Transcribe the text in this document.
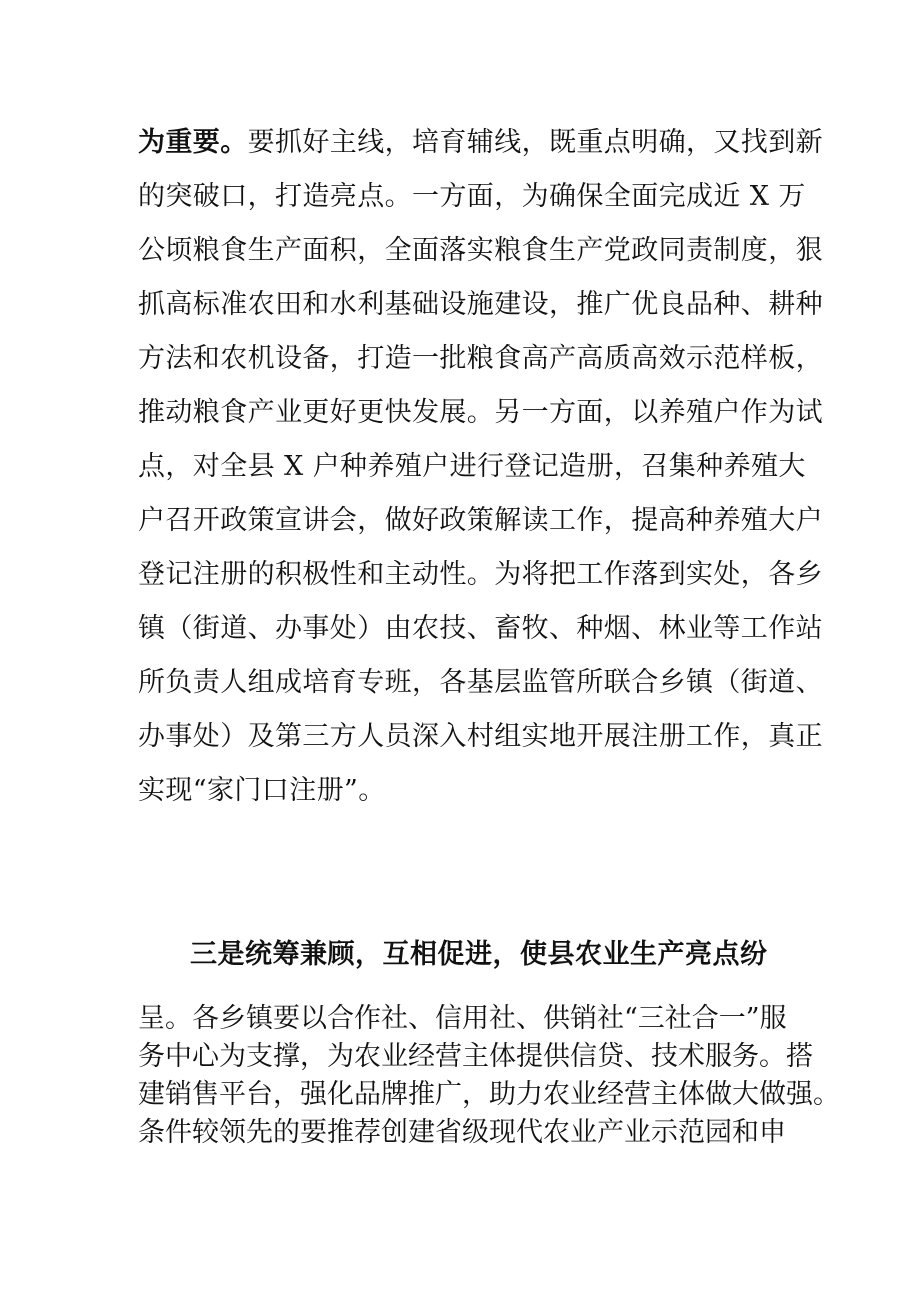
为重要。要抓好主线，培育辅线，既重点明确，又找到新
的突破口，打造亮点。一方面，为确保全面完成近 X 万
公顷粮食生产面积，全面落实粮食生产党政同责制度，狠
抓高标准农田和水利基础设施建设，推广优良品种、耕种
方法和农机设备，打造一批粮食高产高质高效示范样板，
推动粮食产业更好更快发展。另一方面，以养殖户作为试
点，对全县 X 户种养殖户进行登记造册，召集种养殖大
户召开政策宣讲会，做好政策解读工作，提高种养殖大户
登记注册的积极性和主动性。为将把工作落到实处，各乡
镇（街道、办事处）由农技、畜牧、种烟、林业等工作站
所负责人组成培育专班，各基层监管所联合乡镇（街道、
办事处）及第三方人员深入村组实地开展注册工作，真正
实现“家门口注册”。
三是统筹兼顾，互相促进，使县农业生产亮点纷
呈。各乡镇要以合作社、信用社、供销社“三社合一”服
务中心为支撑，为农业经营主体提供信贷、技术服务。搭
建销售平台，强化品牌推广，助力农业经营主体做大做强。
条件较领先的要推荐创建省级现代农业产业示范园和申
